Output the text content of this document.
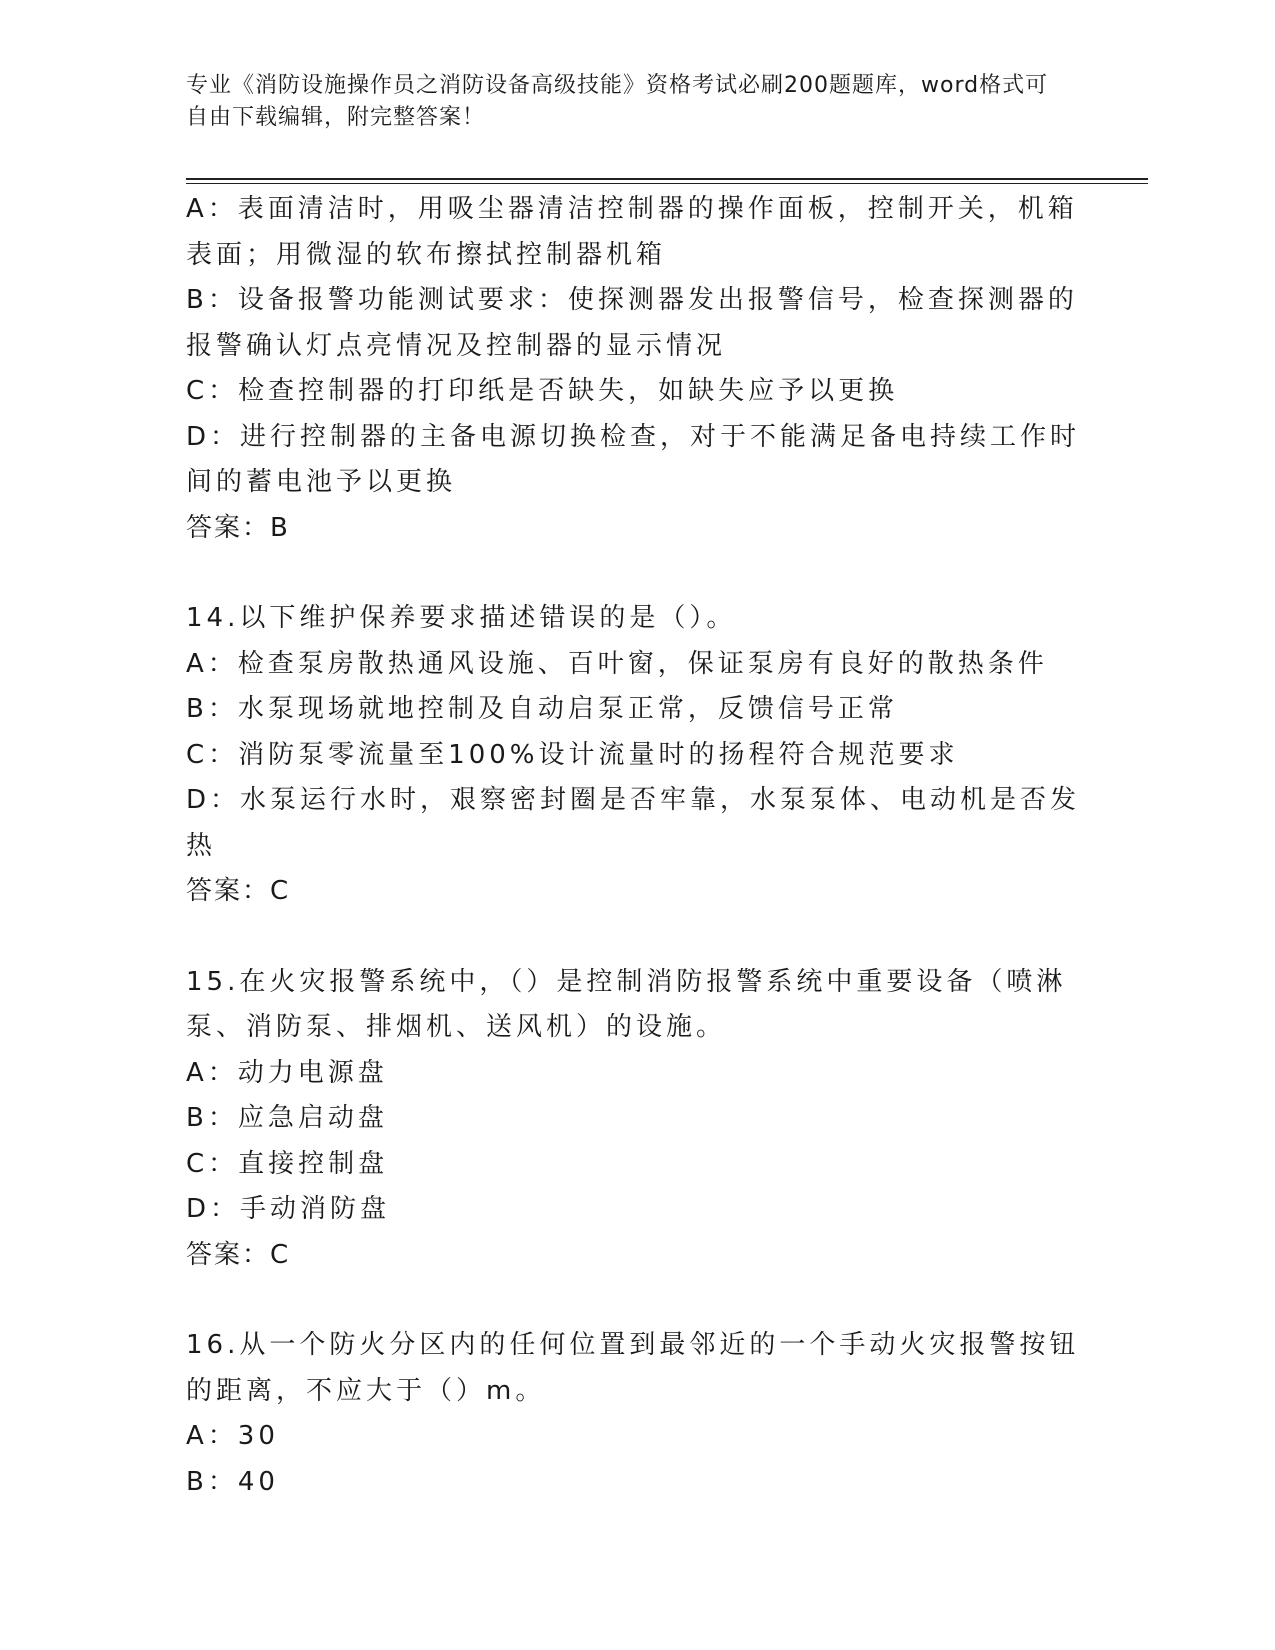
专业《消防设施操作员之消防设备高级技能》资格考试必刷200题题库，word格式可自由下载编辑，附完整答案！
A：表面清洁时，用吸尘器清洁控制器的操作面板，控制开关，机箱表面；用微湿的软布擦拭控制器机箱
B：设备报警功能测试要求：使探测器发出报警信号，检查探测器的报警确认灯点亮情况及控制器的显示情况
C：检查控制器的打印纸是否缺失，如缺失应予以更换
D：进行控制器的主备电源切换检查，对于不能满足备电持续工作时间的蓄电池予以更换
答案：B
14.以下维护保养要求描述错误的是（）。
A：检查泵房散热通风设施、百叶窗，保证泵房有良好的散热条件
B：水泵现场就地控制及自动启泵正常，反馈信号正常
C：消防泵零流量至100%设计流量时的扬程符合规范要求
D：水泵运行水时，艰察密封圈是否牢靠，水泵泵体、电动机是否发热
答案：C
15.在火灾报警系统中，（）是控制消防报警系统中重要设备（喷淋泵、消防泵、排烟机、送风机）的设施。
A：动力电源盘
B：应急启动盘
C：直接控制盘
D：手动消防盘
答案：C
16.从一个防火分区内的任何位置到最邻近的一个手动火灾报警按钮的距离，不应大于（）m。
A：30
B：40
